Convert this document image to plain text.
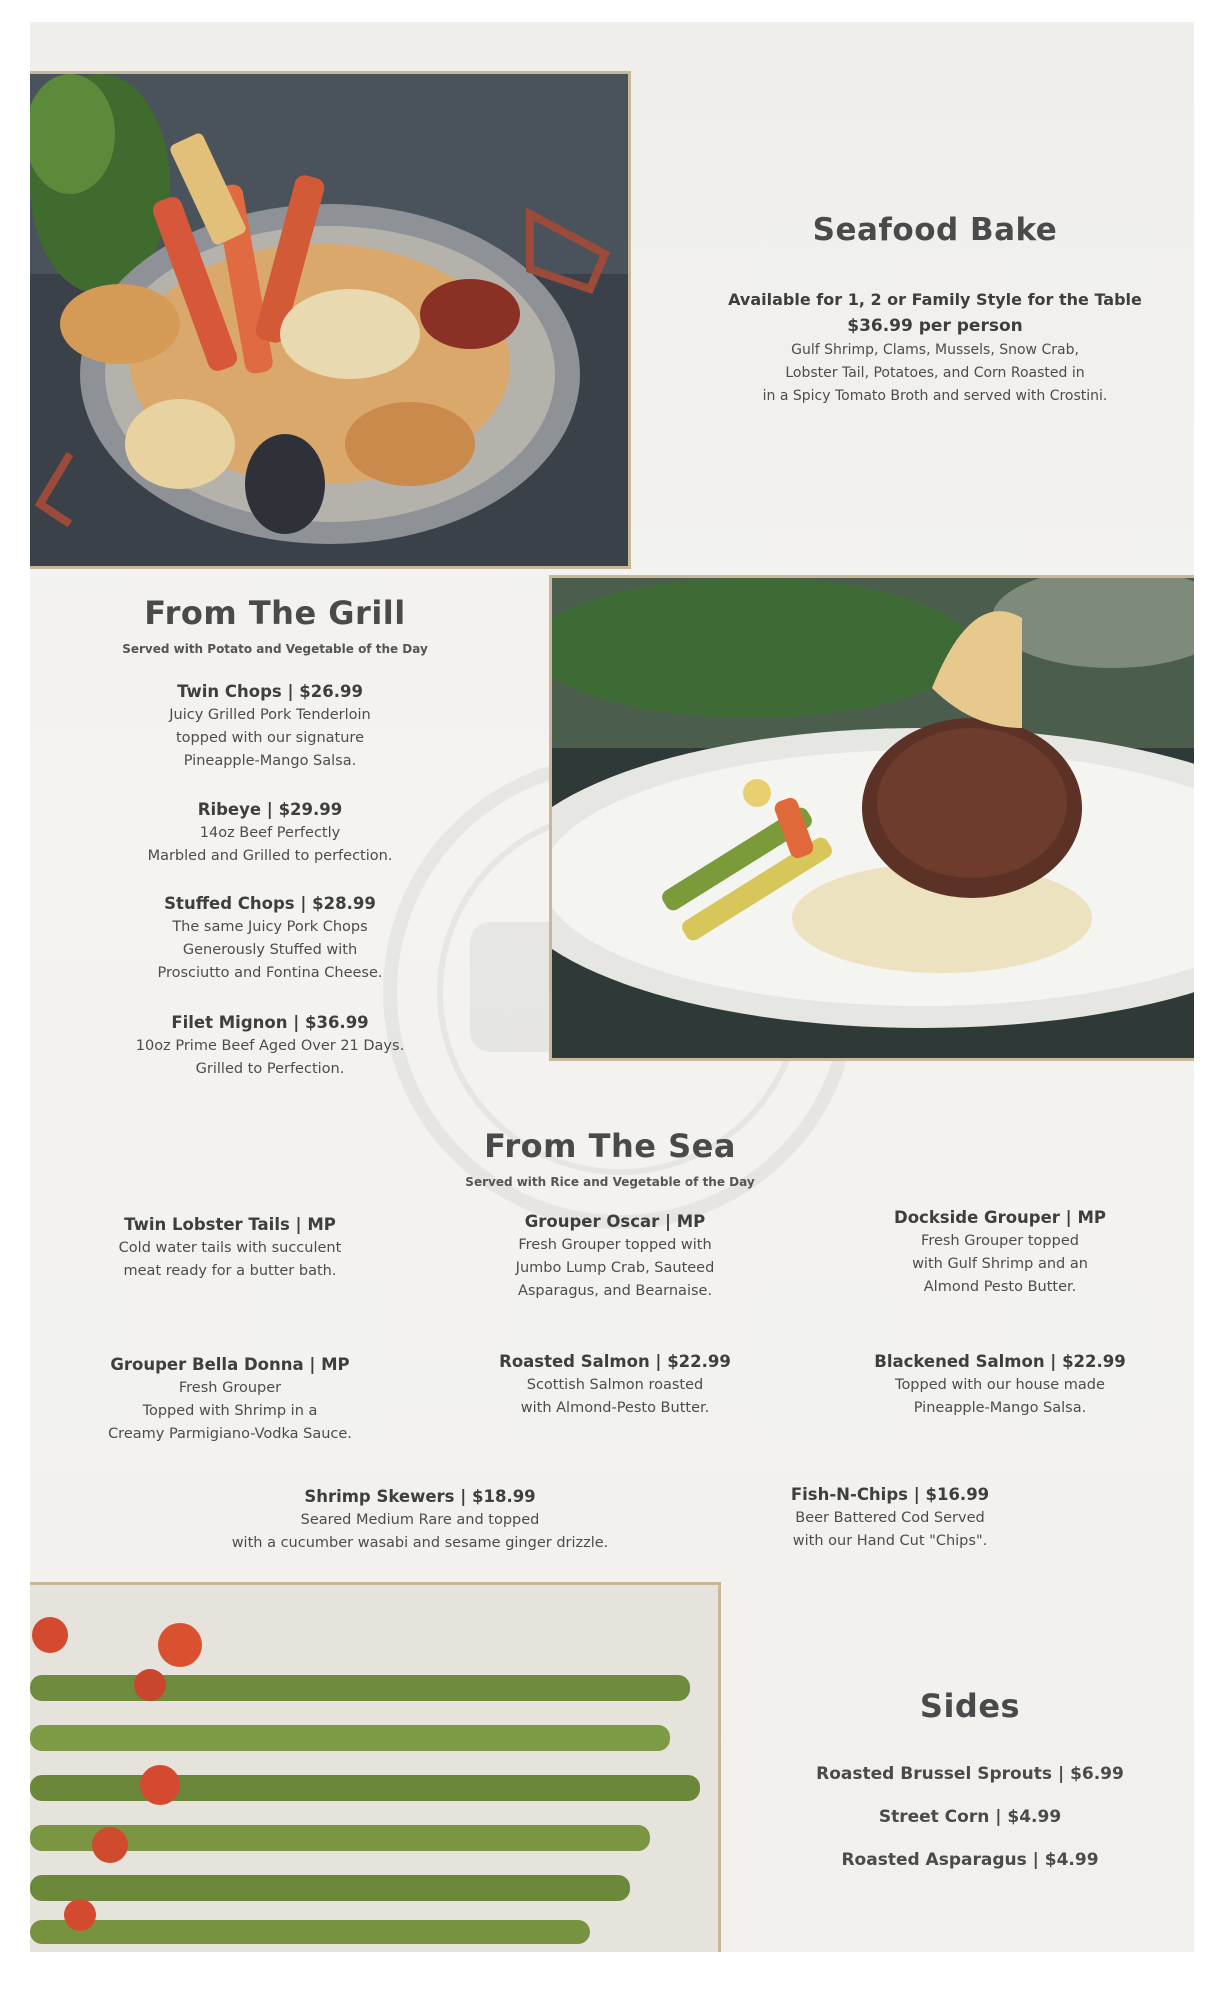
Seafood Bake
Available for 1, 2 or Family Style for the Table
$36.99 per person
Gulf Shrimp, Clams, Mussels, Snow Crab,
Lobster Tail, Potatoes, and Corn Roasted in
in a Spicy Tomato Broth and served with Crostini.
From The Grill
Served with Potato and Vegetable of the Day
Twin Chops | $26.99
Juicy Grilled Pork Tenderloin
topped with our signature
Pineapple-Mango Salsa.
Ribeye | $29.99
14oz Beef Perfectly
Marbled and Grilled to perfection.
Stuffed Chops | $28.99
The same Juicy Pork Chops
Generously Stuffed with
Prosciutto and Fontina Cheese.
Filet Mignon | $36.99
10oz Prime Beef Aged Over 21 Days.
Grilled to Perfection.
From The Sea
Served with Rice and Vegetable of the Day
Twin Lobster Tails | MP
Cold water tails with succulent
meat ready for a butter bath.
Grouper Oscar | MP
Fresh Grouper topped with
Jumbo Lump Crab, Sauteed
Asparagus, and Bearnaise.
Dockside Grouper | MP
Fresh Grouper topped
with Gulf Shrimp and an
Almond Pesto Butter.
Grouper Bella Donna | MP
Fresh Grouper
Topped with Shrimp in a
Creamy Parmigiano-Vodka Sauce.
Roasted Salmon | $22.99
Scottish Salmon roasted
with Almond-Pesto Butter.
Blackened Salmon | $22.99
Topped with our house made
Pineapple-Mango Salsa.
Shrimp Skewers | $18.99
Seared Medium Rare and topped
with a cucumber wasabi and sesame ginger drizzle.
Fish-N-Chips | $16.99
Beer Battered Cod Served
with our Hand Cut "Chips".
Sides
Roasted Brussel Sprouts | $6.99
Street Corn | $4.99
Roasted Asparagus | $4.99
